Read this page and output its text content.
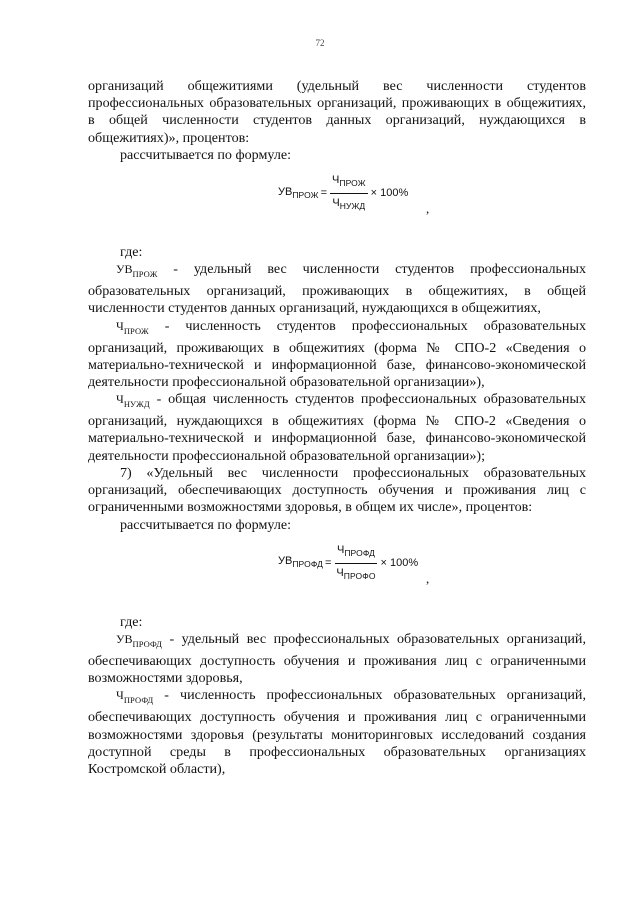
72

организаций общежитиями (удельный вес численности студентов профессиональных образовательных организаций, проживающих в общежитиях, в общей численности студентов данных организаций, нуждающихся в общежитиях)», процентов:

рассчитывается по формуле:

$УВ_{ПРОЖ} = \frac{Ч_{ПРОЖ}}{Ч_{НУЖД}} \times 100\%$
,

где:

$УВ_{ПРОЖ}$ - удельный вес численности студентов профессиональных образовательных организаций, проживающих в общежитиях, в общей численности студентов данных организаций, нуждающихся в общежитиях,

$Ч_{ПРОЖ}$ - численность студентов профессиональных образовательных организаций, проживающих в общежитиях (форма № СПО-2 «Сведения о материально-технической и информационной базе, финансово-экономической деятельности профессиональной образовательной организации»),

$Ч_{НУЖД}$ - общая численность студентов профессиональных образовательных организаций, нуждающихся в общежитиях (форма № СПО-2 «Сведения о материально-технической и информационной базе, финансово-экономической деятельности профессиональной образовательной организации»);

7) «Удельный вес численности профессиональных образовательных организаций, обеспечивающих доступность обучения и проживания лиц с ограниченными возможностями здоровья, в общем их числе», процентов:

рассчитывается по формуле:

$УВ_{ПРОФД} = \frac{Ч_{ПРОФД}}{Ч_{ПРОФО}} \times 100\%$
,

где:

$УВ_{ПРОФД}$ - удельный вес профессиональных образовательных организаций, обеспечивающих доступность обучения и проживания лиц с ограниченными возможностями здоровья,

$Ч_{ПРОФД}$ - численность профессиональных образовательных организаций, обеспечивающих доступность обучения и проживания лиц с ограниченными возможностями здоровья (результаты мониторинговых исследований создания доступной среды в профессиональных образовательных организациях Костромской области),
